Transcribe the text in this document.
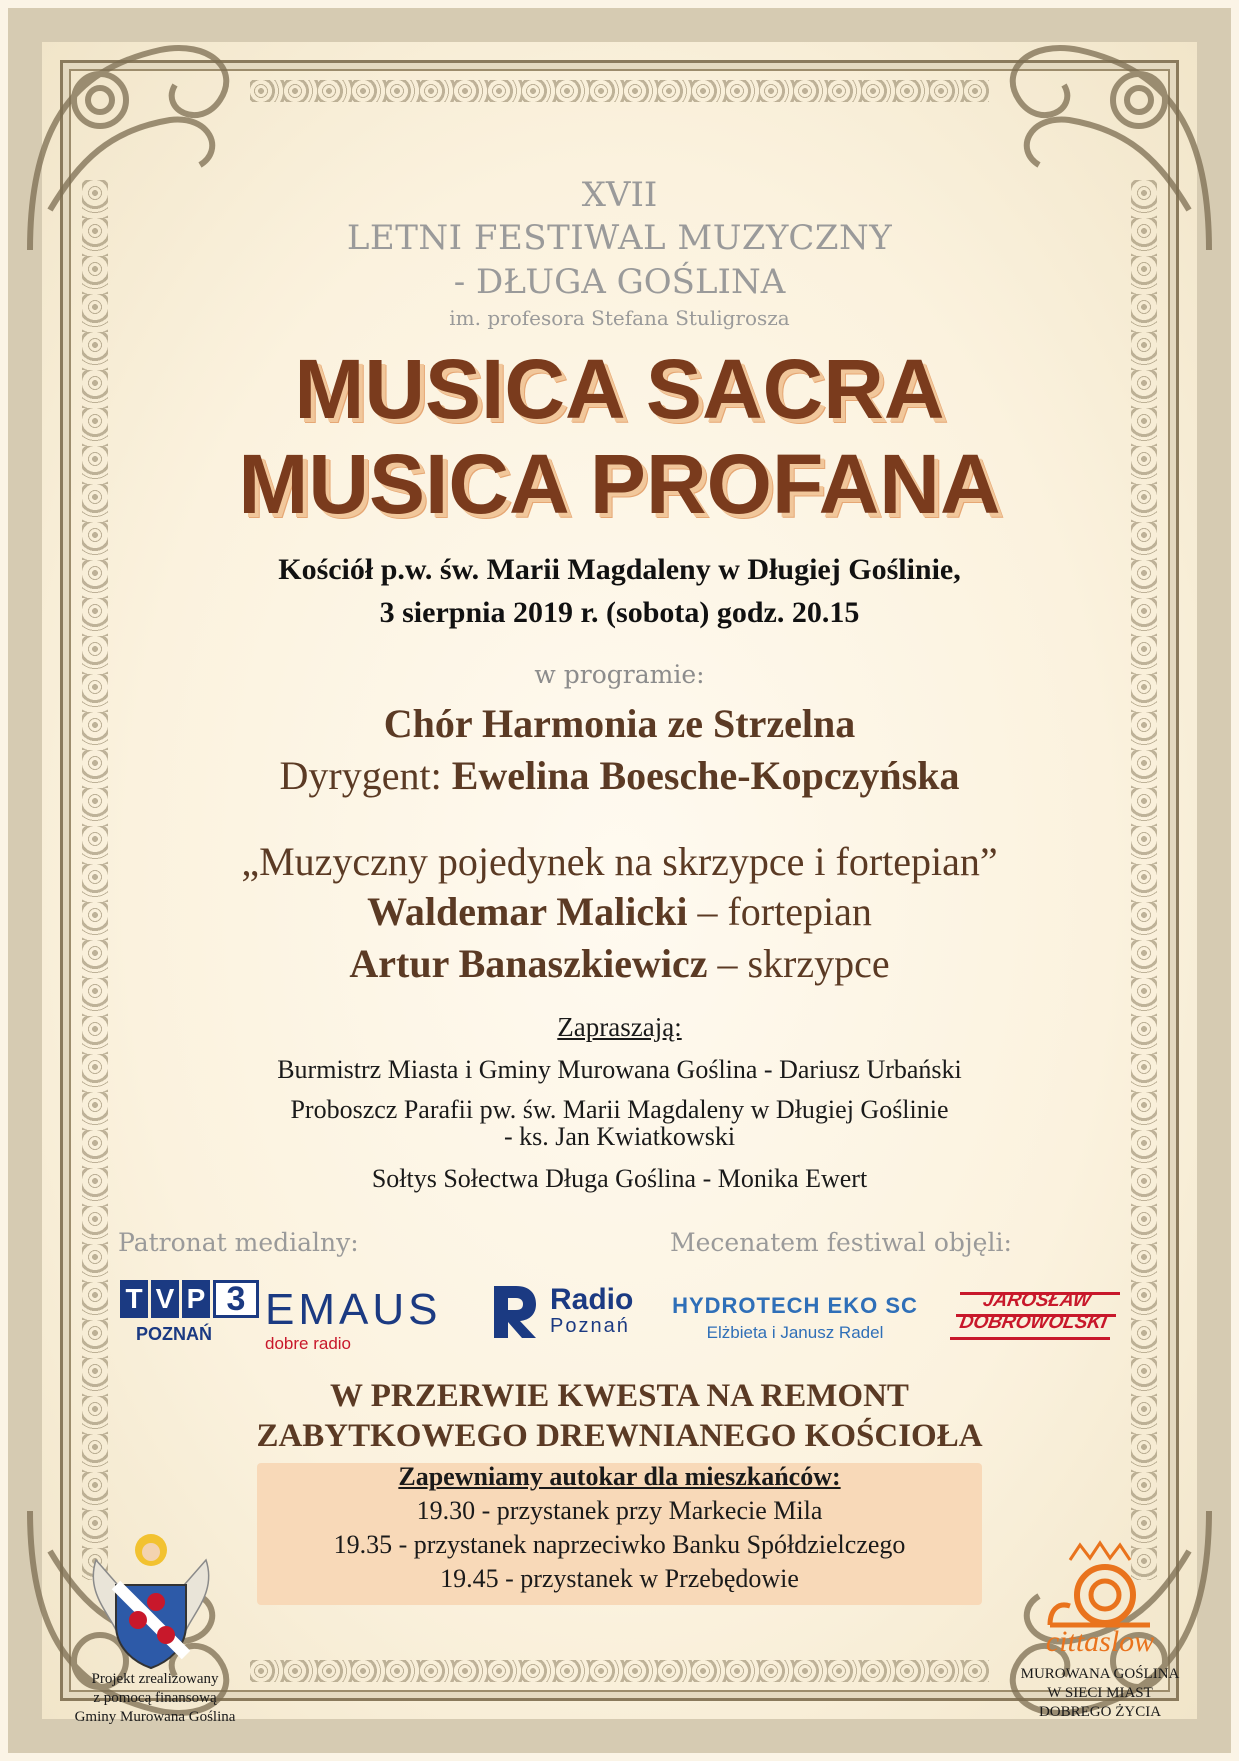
XVII
LETNI FESTIWAL MUZYCZNY
- DŁUGA GOŚLINA
im. profesora Stefana Stuligrosza
MUSICA SACRA
MUSICA PROFANA
Kościół p.w. św. Marii Magdaleny w Długiej Goślinie,
3 sierpnia 2019 r. (sobota) godz. 20.15
w programie:
Chór Harmonia ze Strzelna
Dyrygent: Ewelina Boesche-Kopczyńska
„Muzyczny pojedynek na skrzypce i fortepian”
Waldemar Malicki – fortepian
Artur Banaszkiewicz – skrzypce
Zapraszają:
Burmistrz Miasta i Gminy Murowana Goślina - Dariusz Urbański
Proboszcz Parafii pw. św. Marii Magdaleny w Długiej Goślinie
- ks. Jan Kwiatkowski
Sołtys Sołectwa Długa Goślina - Monika Ewert
Patronat medialny:	Mecenatem festiwal objęli:
T V P 3
POZNAŃ	EMAUS
dobre radio
Radio
Poznań
HYDROTECH EKO SC
Elżbieta i Janusz Radel
JAROSŁAW
DOBROWOLSKI
W PRZERWIE KWESTA NA REMONT
ZABYTKOWEGO DREWNIANEGO KOŚCIOŁA
Zapewniamy autokar dla mieszkańców:
19.30 - przystanek przy Markecie Mila
19.35 - przystanek naprzeciwko Banku Spółdzielczego
19.45 - przystanek w Przebędowie
Projekt zrealizowany
z pomocą finansową
Gminy Murowana Goślina
cittaslow
MUROWANA GOŚLINA
W SIECI MIAST
DOBREGO ŻYCIA
